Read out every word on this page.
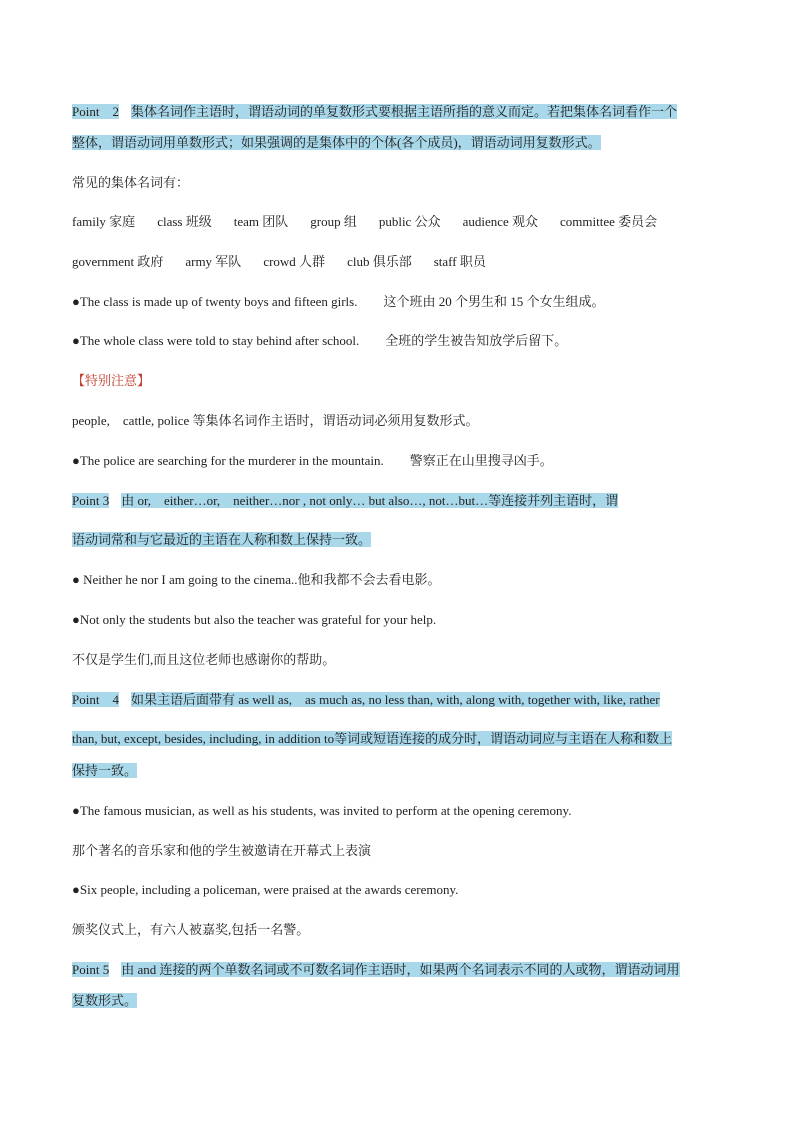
Point　2 集体名词作主语时，谓语动词的单复数形式要根据主语所指的意义而定。若把集体名词看作一个
整体，谓语动词用单数形式；如果强调的是集体中的个体(各个成员)，谓语动词用复数形式。
常见的集体名词有：
family 家庭 class 班级 team 团队 group 组 public 公众 audience 观众 committee 委员会
government 政府 army 军队 crowd 人群 club 俱乐部 staff 职员
●The class is made up of twenty boys and fifteen girls. 这个班由 20 个男生和 15 个女生组成。
●The whole class were told to stay behind after school. 全班的学生被告知放学后留下。
【特别注意】
people,　cattle, police 等集体名词作主语时，谓语动词必须用复数形式。
●The police are searching for the murderer in the mountain. 警察正在山里搜寻凶手。
Point 3 由 or,　either…or,　neither…nor , not only… but also…, not…but…等连接并列主语时，谓
语动词常和与它最近的主语在人称和数上保持一致。
● Neither he nor I am going to the cinema..他和我都不会去看电影。
●Not only the students but also the teacher was grateful for your help.
不仅是学生们,而且这位老师也感谢你的帮助。
Point　4 如果主语后面带有 as well as,　as much as, no less than, with, along with, together with, like, rather
than, but, except, besides, including, in addition to等词或短语连接的成分时，谓语动词应与主语在人称和数上
保持一致。
●The famous musician, as well as his students, was invited to perform at the opening ceremony.
那个著名的音乐家和他的学生被邀请在开幕式上表演
●Six people, including a policeman, were praised at the awards ceremony.
颁奖仪式上，有六人被嘉奖,包括一名警。
Point 5 由 and 连接的两个单数名词或不可数名词作主语时，如果两个名词表示不同的人或物，谓语动词用
复数形式。
